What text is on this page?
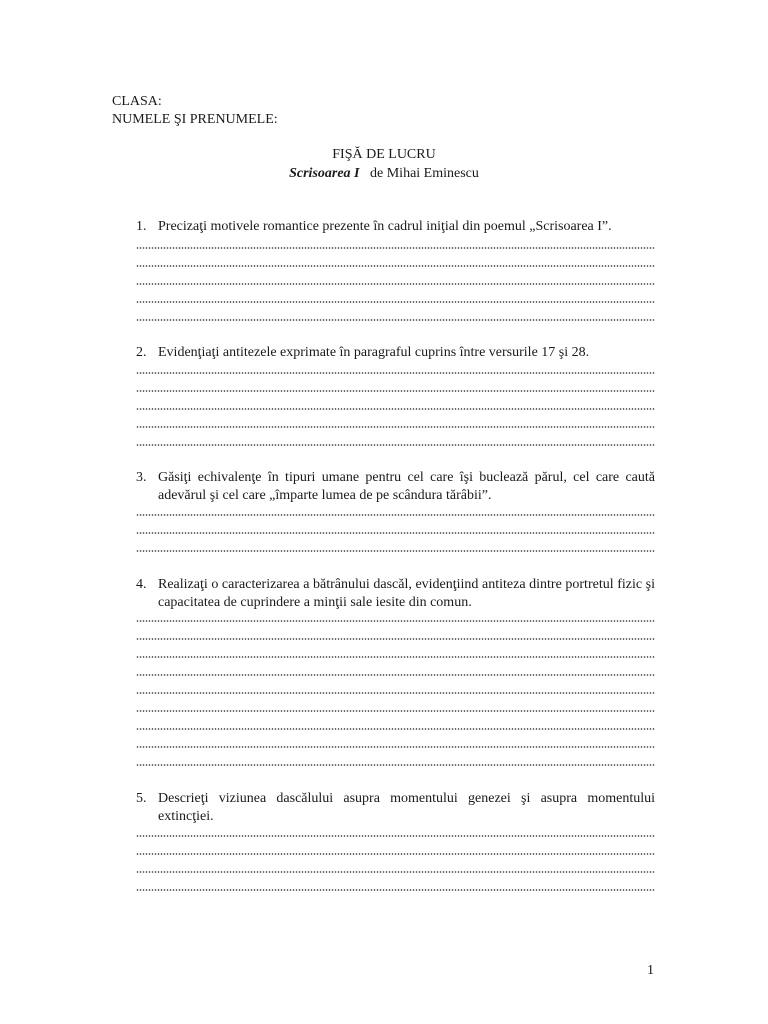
CLASA:
NUMELE ŞI PRENUMELE:
FIŞĂ DE LUCRU
Scrisoarea I de Mihai Eminescu
1. Precizaţi motivele romantice prezente în cadrul iniţial din poemul „Scrisoarea I”.
2. Evidenţiaţi antitezele exprimate în paragraful cuprins între versurile 17 şi 28.
3. Găsiţi echivalenţe în tipuri umane pentru cel care îşi buclează părul, cel care caută adevărul şi cel care „împarte lumea de pe scândura tărâbii”.
4. Realizaţi o caracterizarea a bătrânului dascăl, evidenţiind antiteza dintre portretul fizic şi capacitatea de cuprindere a minţii sale iesite din comun.
5. Descrieţi viziunea dascălului asupra momentului genezei şi asupra momentului extincţiei.
1
